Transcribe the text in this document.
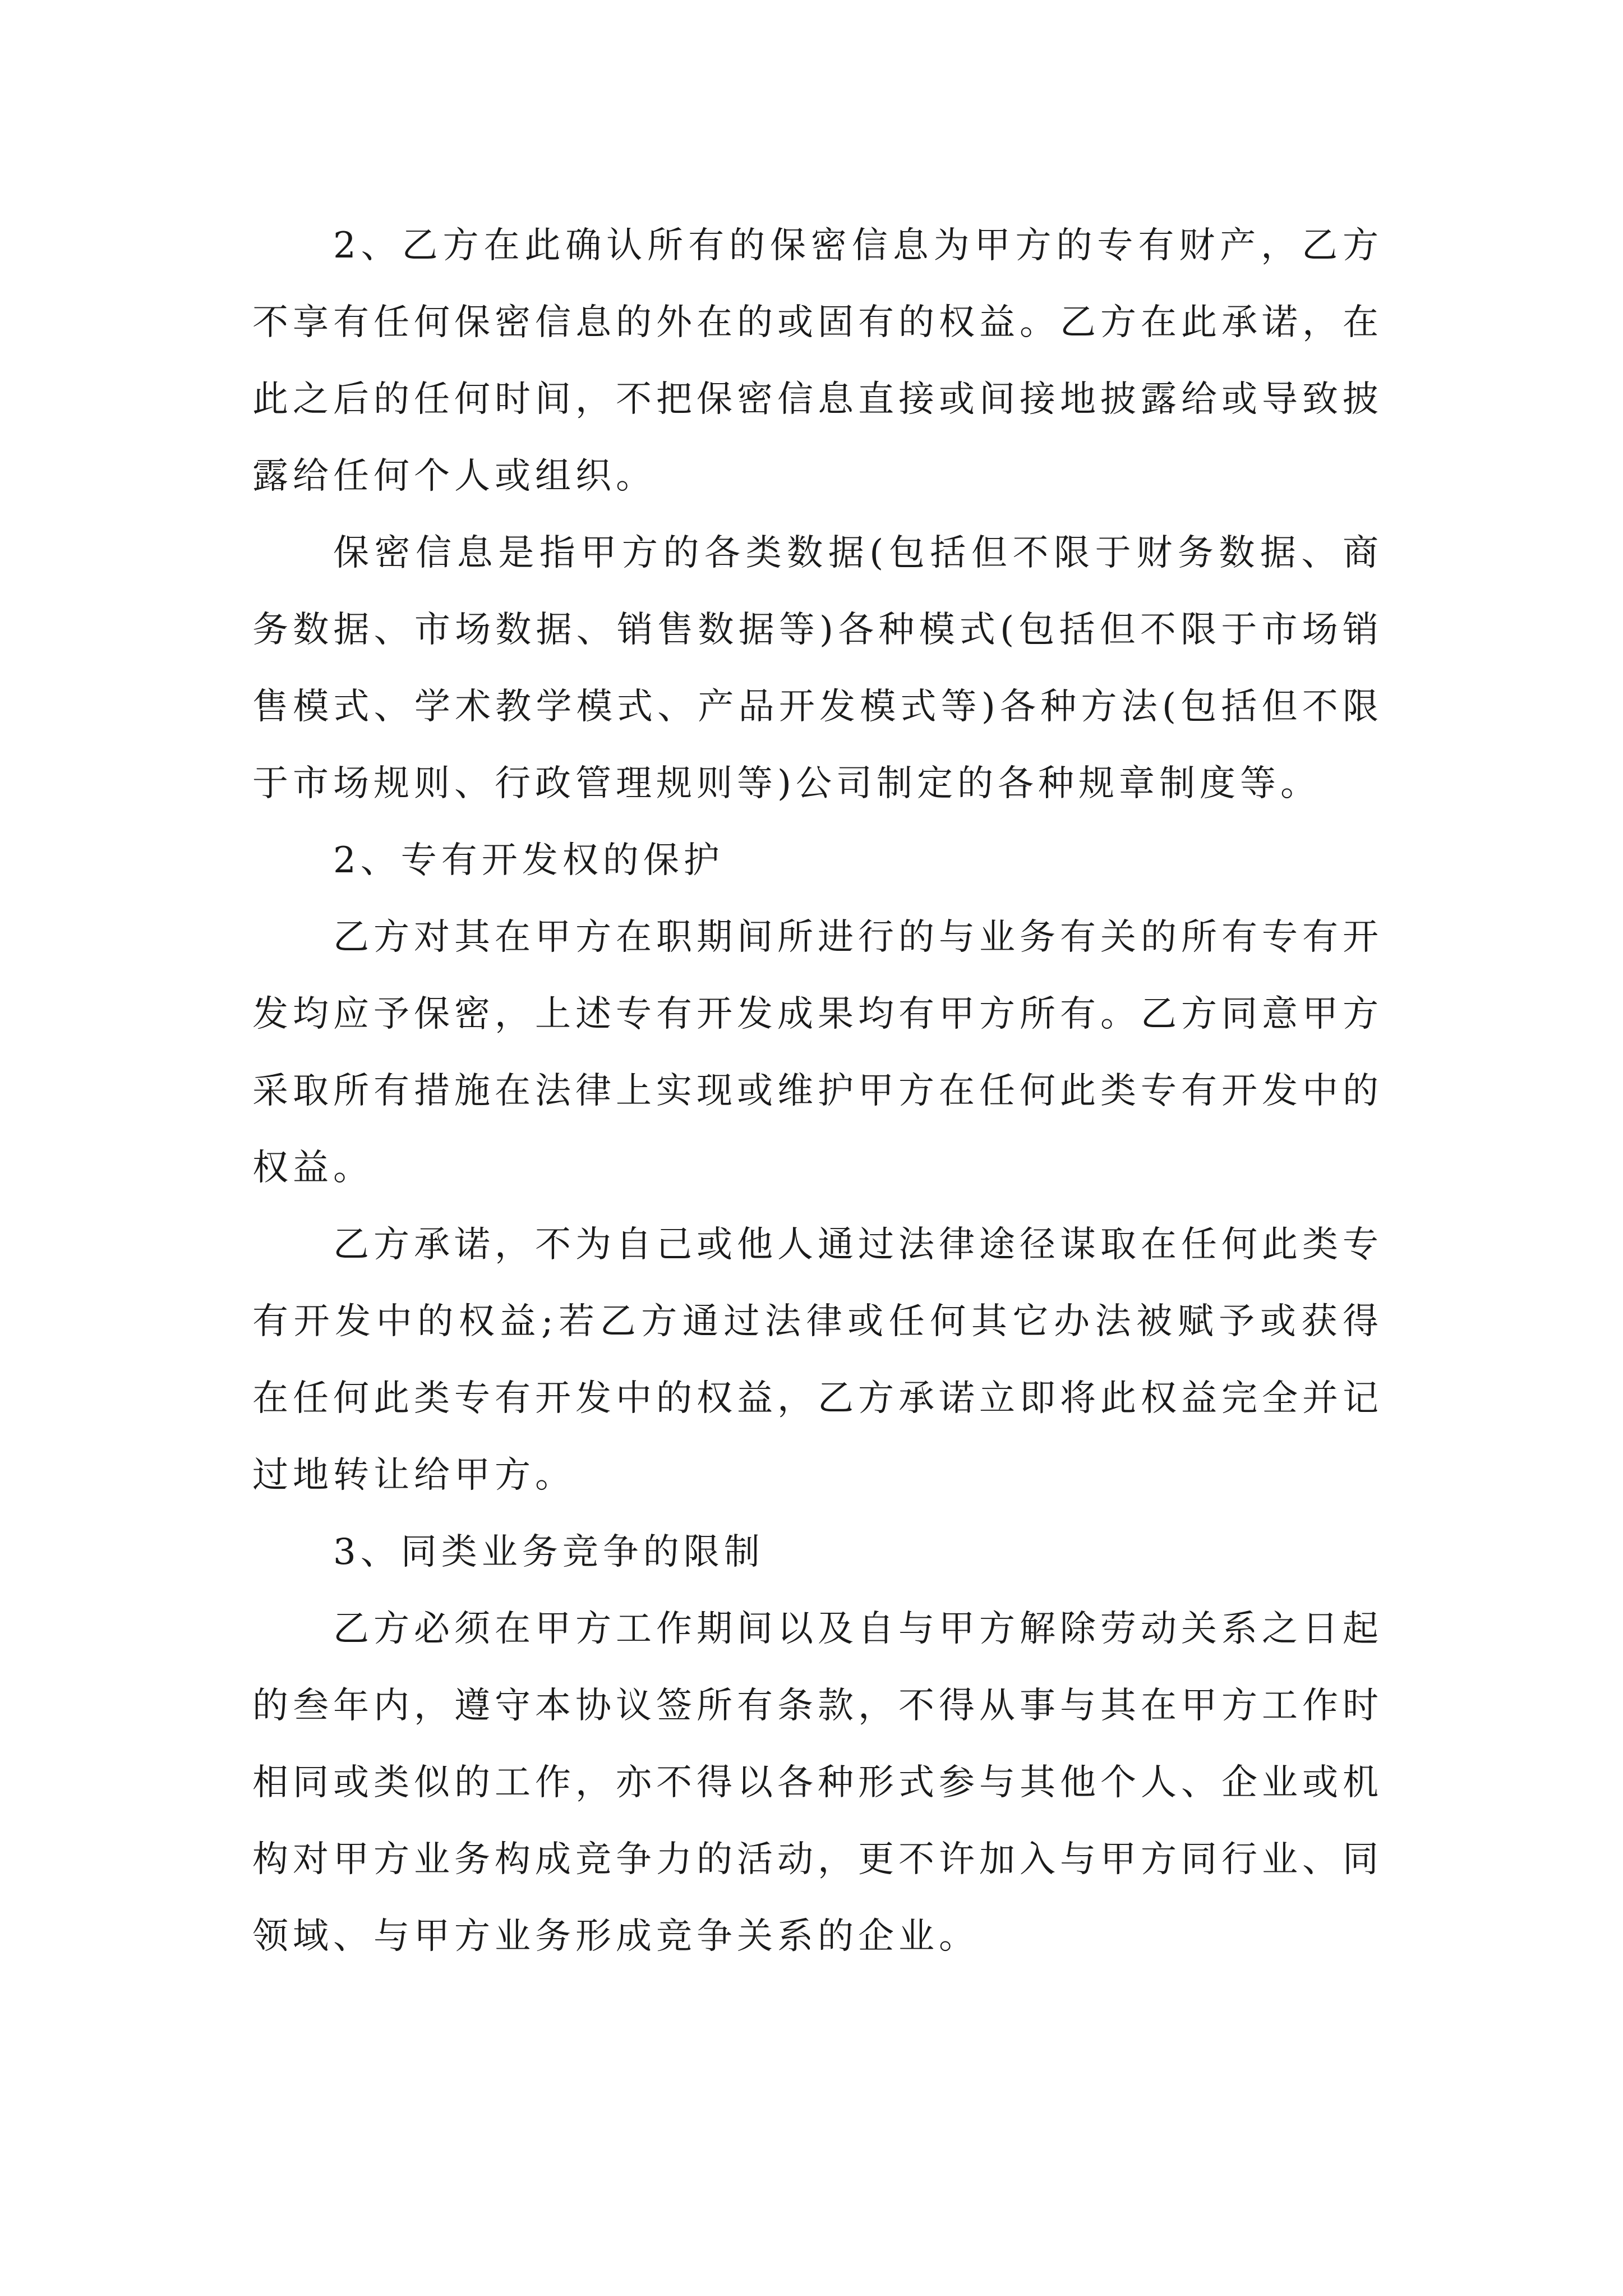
2、乙方在此确认所有的保密信息为甲方的专有财产，乙方不享有任何保密信息的外在的或固有的权益。乙方在此承诺，在此之后的任何时间，不把保密信息直接或间接地披露给或导致披露给任何个人或组织。

保密信息是指甲方的各类数据(包括但不限于财务数据、商务数据、市场数据、销售数据等)各种模式(包括但不限于市场销售模式、学术教学模式、产品开发模式等)各种方法(包括但不限于市场规则、行政管理规则等)公司制定的各种规章制度等。

2、专有开发权的保护

乙方对其在甲方在职期间所进行的与业务有关的所有专有开发均应予保密，上述专有开发成果均有甲方所有。乙方同意甲方采取所有措施在法律上实现或维护甲方在任何此类专有开发中的权益。

乙方承诺，不为自己或他人通过法律途径谋取在任何此类专有开发中的权益;若乙方通过法律或任何其它办法被赋予或获得在任何此类专有开发中的权益，乙方承诺立即将此权益完全并记过地转让给甲方。

3、同类业务竞争的限制

乙方必须在甲方工作期间以及自与甲方解除劳动关系之日起的叁年内，遵守本协议签所有条款，不得从事与其在甲方工作时相同或类似的工作，亦不得以各种形式参与其他个人、企业或机构对甲方业务构成竞争力的活动，更不许加入与甲方同行业、同领域、与甲方业务形成竞争关系的企业。
